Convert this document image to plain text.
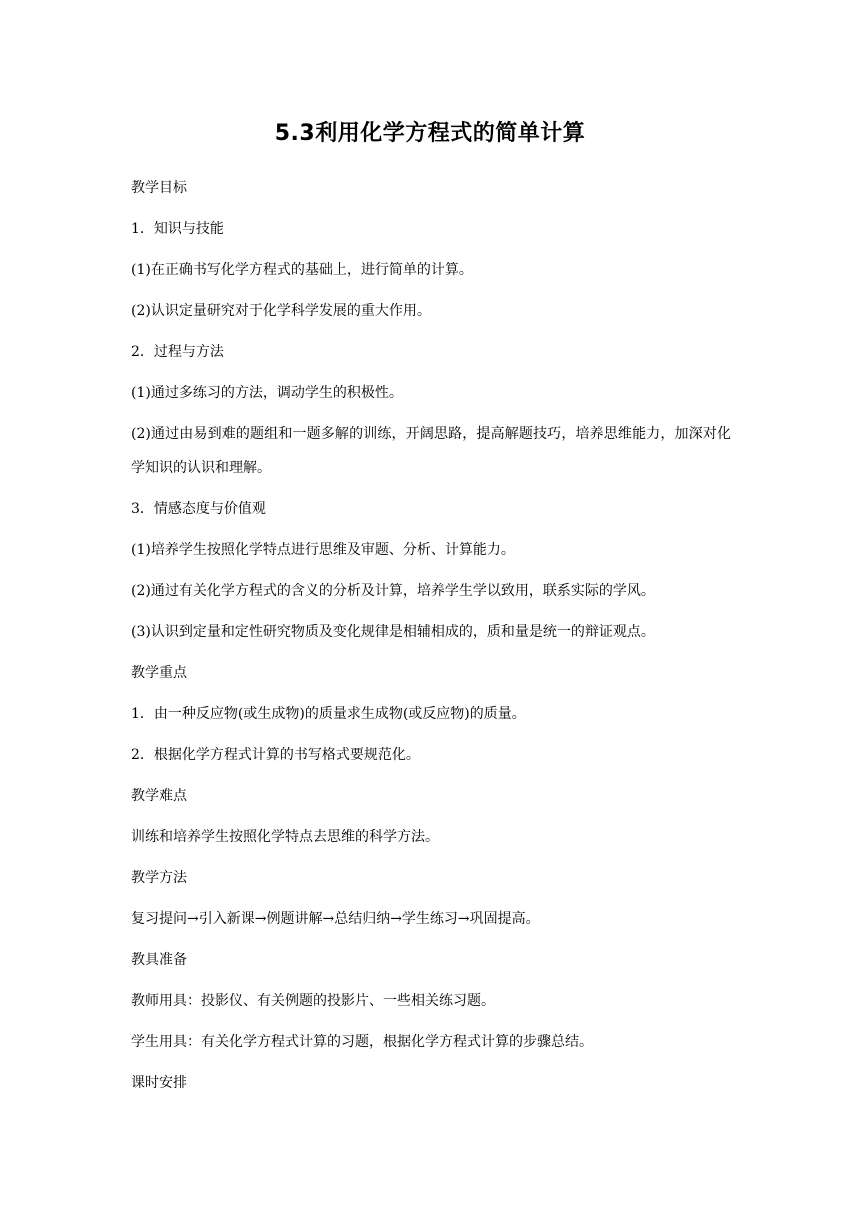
5.3利用化学方程式的简单计算
教学目标
1．知识与技能
(1)在正确书写化学方程式的基础上，进行简单的计算。
(2)认识定量研究对于化学科学发展的重大作用。
2．过程与方法
(1)通过多练习的方法，调动学生的积极性。
(2)通过由易到难的题组和一题多解的训练，开阔思路，提高解题技巧，培养思维能力，加深对化学知识的认识和理解。
3．情感态度与价值观
(1)培养学生按照化学特点进行思维及审题、分析、计算能力。
(2)通过有关化学方程式的含义的分析及计算，培养学生学以致用，联系实际的学风。
(3)认识到定量和定性研究物质及变化规律是相辅相成的，质和量是统一的辩证观点。
教学重点
1．由一种反应物(或生成物)的质量求生成物(或反应物)的质量。
2．根据化学方程式计算的书写格式要规范化。
教学难点
训练和培养学生按照化学特点去思维的科学方法。
教学方法
复习提问→引入新课→例题讲解→总结归纳→学生练习→巩固提高。
教具准备
教师用具：投影仪、有关例题的投影片、一些相关练习题。
学生用具：有关化学方程式计算的习题，根据化学方程式计算的步骤总结。
课时安排
